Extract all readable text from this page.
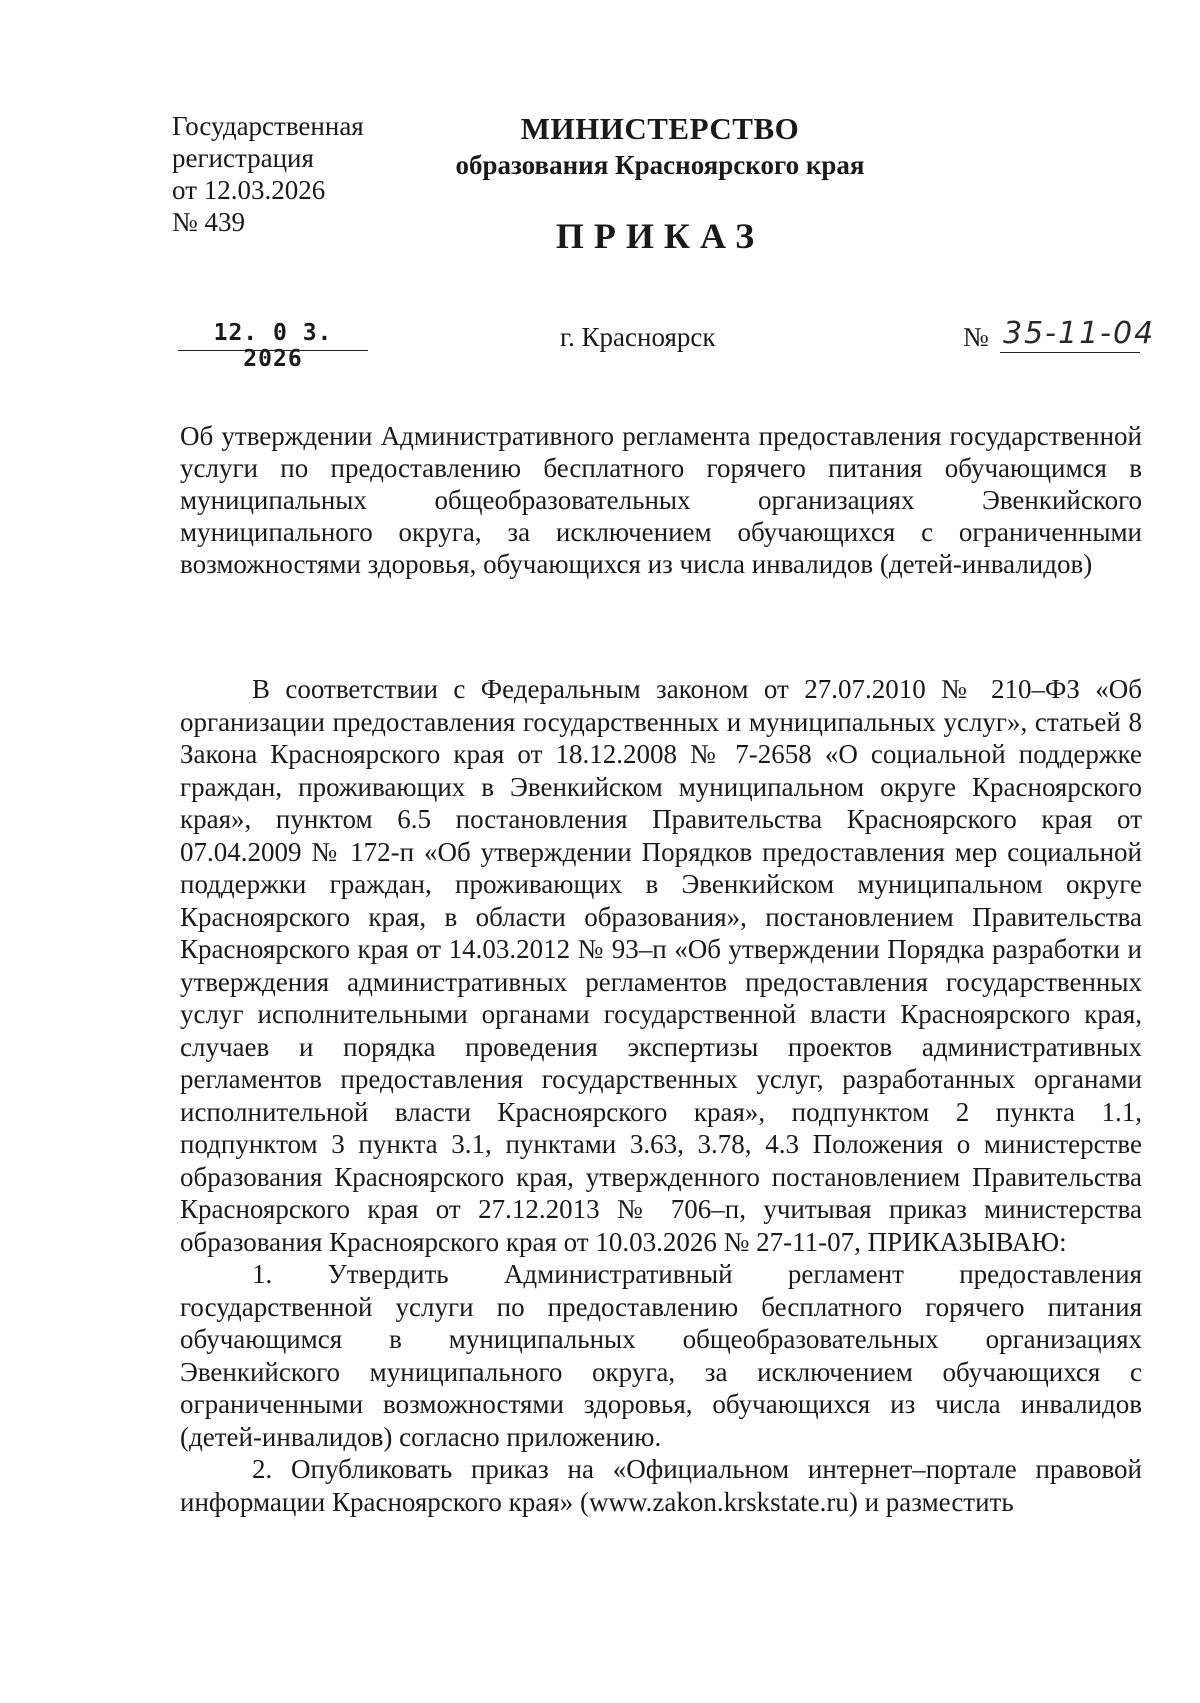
Государственная
регистрация
от 12.03.2026
№ 439
МИНИСТЕРСТВО
образования Красноярского края
ПРИКАЗ
12. 0 3. 2026
г. Красноярск	№ 35-11-04
Об утверждении Административного регламента предоставления государственной услуги по предоставлению бесплатного горячего питания обучающимся в муниципальных общеобразовательных организациях Эвенкийского муниципального округа, за исключением обучающихся с ограниченными возможностями здоровья, обучающихся из числа инвалидов (детей-инвалидов)

В соответствии с Федеральным законом от 27.07.2010 № 210–ФЗ «Об организации предоставления государственных и муниципальных услуг», статьей 8 Закона Красноярского края от 18.12.2008 № 7-2658 «О социальной поддержке граждан, проживающих в Эвенкийском муниципальном округе Красноярского края», пунктом 6.5 постановления Правительства Красноярского края от 07.04.2009 № 172-п «Об утверждении Порядков предоставления мер социальной поддержки граждан, проживающих в Эвенкийском муниципальном округе Красноярского края, в области образования», постановлением Правительства Красноярского края от 14.03.2012 № 93–п «Об утверждении Порядка разработки и утверждения административных регламентов предоставления государственных услуг исполнительными органами государственной власти Красноярского края, случаев и порядка проведения экспертизы проектов административных регламентов предоставления государственных услуг, разработанных органами исполнительной власти Красноярского края», подпунктом 2 пункта 1.1, подпунктом 3 пункта 3.1, пунктами 3.63, 3.78, 4.3 Положения о министерстве образования Красноярского края, утвержденного постановлением Правительства Красноярского края от 27.12.2013 № 706–п, учитывая приказ министерства образования Красноярского края от 10.03.2026 № 27-11-07, ПРИКАЗЫВАЮ:

1. Утвердить Административный регламент предоставления государственной услуги по предоставлению бесплатного горячего питания обучающимся в муниципальных общеобразовательных организациях Эвенкийского муниципального округа, за исключением обучающихся с ограниченными возможностями здоровья, обучающихся из числа инвалидов (детей-инвалидов) согласно приложению.

2. Опубликовать приказ на «Официальном интернет–портале правовой информации Красноярского края» (www.zakon.krskstate.ru) и разместить
